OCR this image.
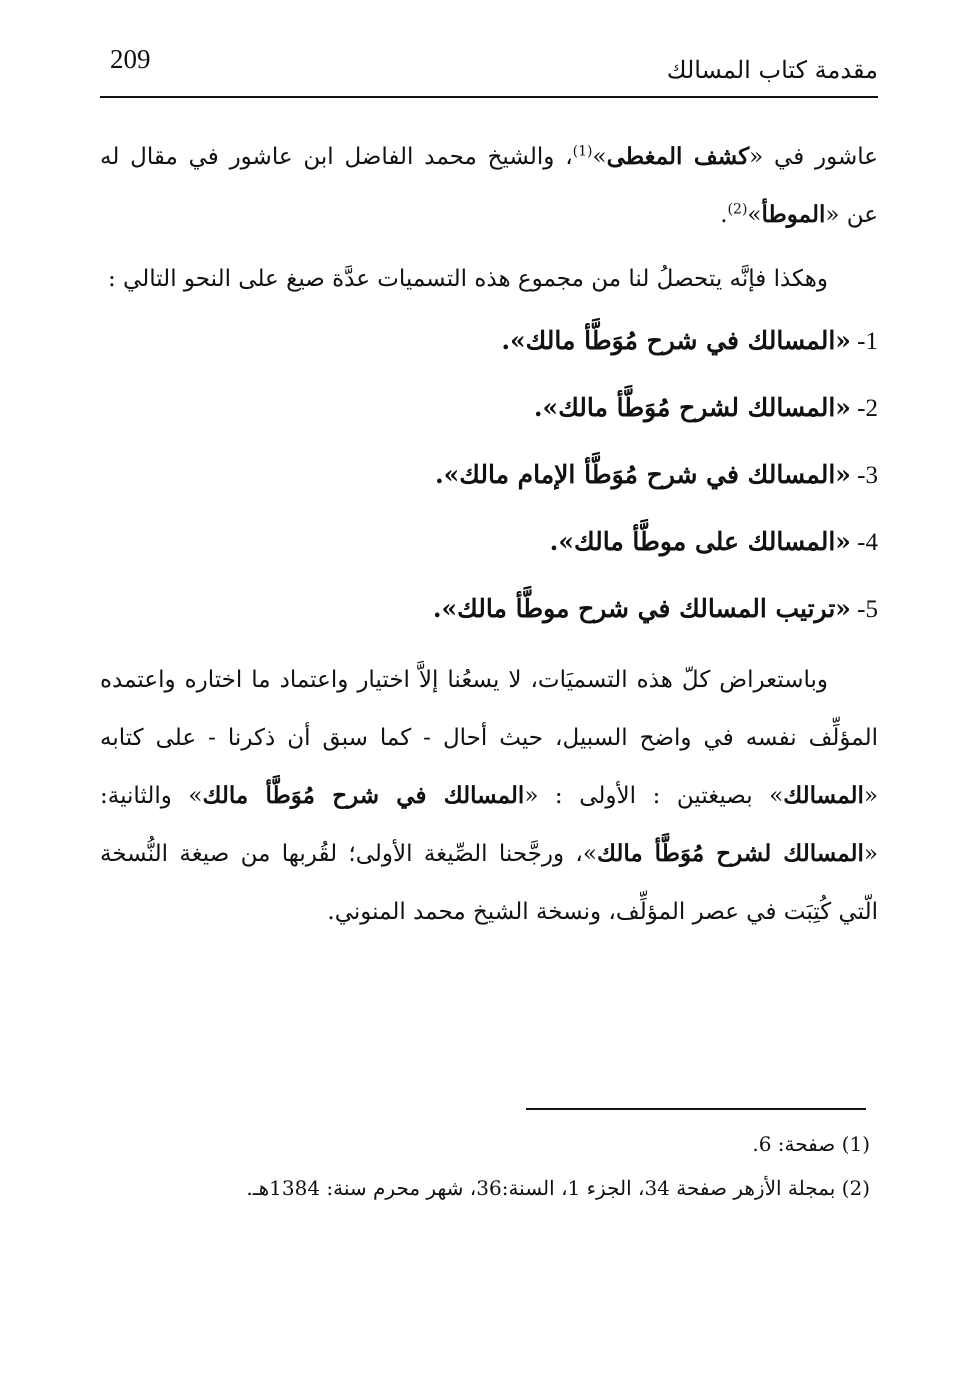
209	مقدمة كتاب المسالك

عاشور في «كشف المغطى»$^{(1)}$، والشيخ محمد الفاضل ابن عاشور في مقال له عن «الموطأ»$^{(2)}$.

وهكذا فإنَّه يتحصلُ لنا من مجموع هذه التسميات عدَّة صيغ على النحو التالي :

1- «المسالك في شرح مُوَطَّأ مالك».
2- «المسالك لشرح مُوَطَّأ مالك».
3- «المسالك في شرح مُوَطَّأ الإمام مالك».
4- «المسالك على موطَّأ مالك».
5- «ترتيب المسالك في شرح موطَّأ مالك».

وباستعراض كلّ هذه التسميَات، لا يسعُنا إلاَّ اختيار واعتماد ما اختاره واعتمده المؤلِّف نفسه في واضح السبيل، حيث أحال - كما سبق أن ذكرنا - على كتابه «المسالك» بصيغتين : الأولى : «المسالك في شرح مُوَطَّأ مالك» والثانية: «المسالك لشرح مُوَطَّأ مالك»، ورجَّحنا الصِّيغة الأولى؛ لقُربها من صيغة النُّسخة الّتي كُتِبَت في عصر المؤلِّف، ونسخة الشيخ محمد المنوني.

(1) صفحة: 6.

(2) بمجلة الأزهر صفحة 34، الجزء 1، السنة:36، شهر محرم سنة: 1384هـ.
